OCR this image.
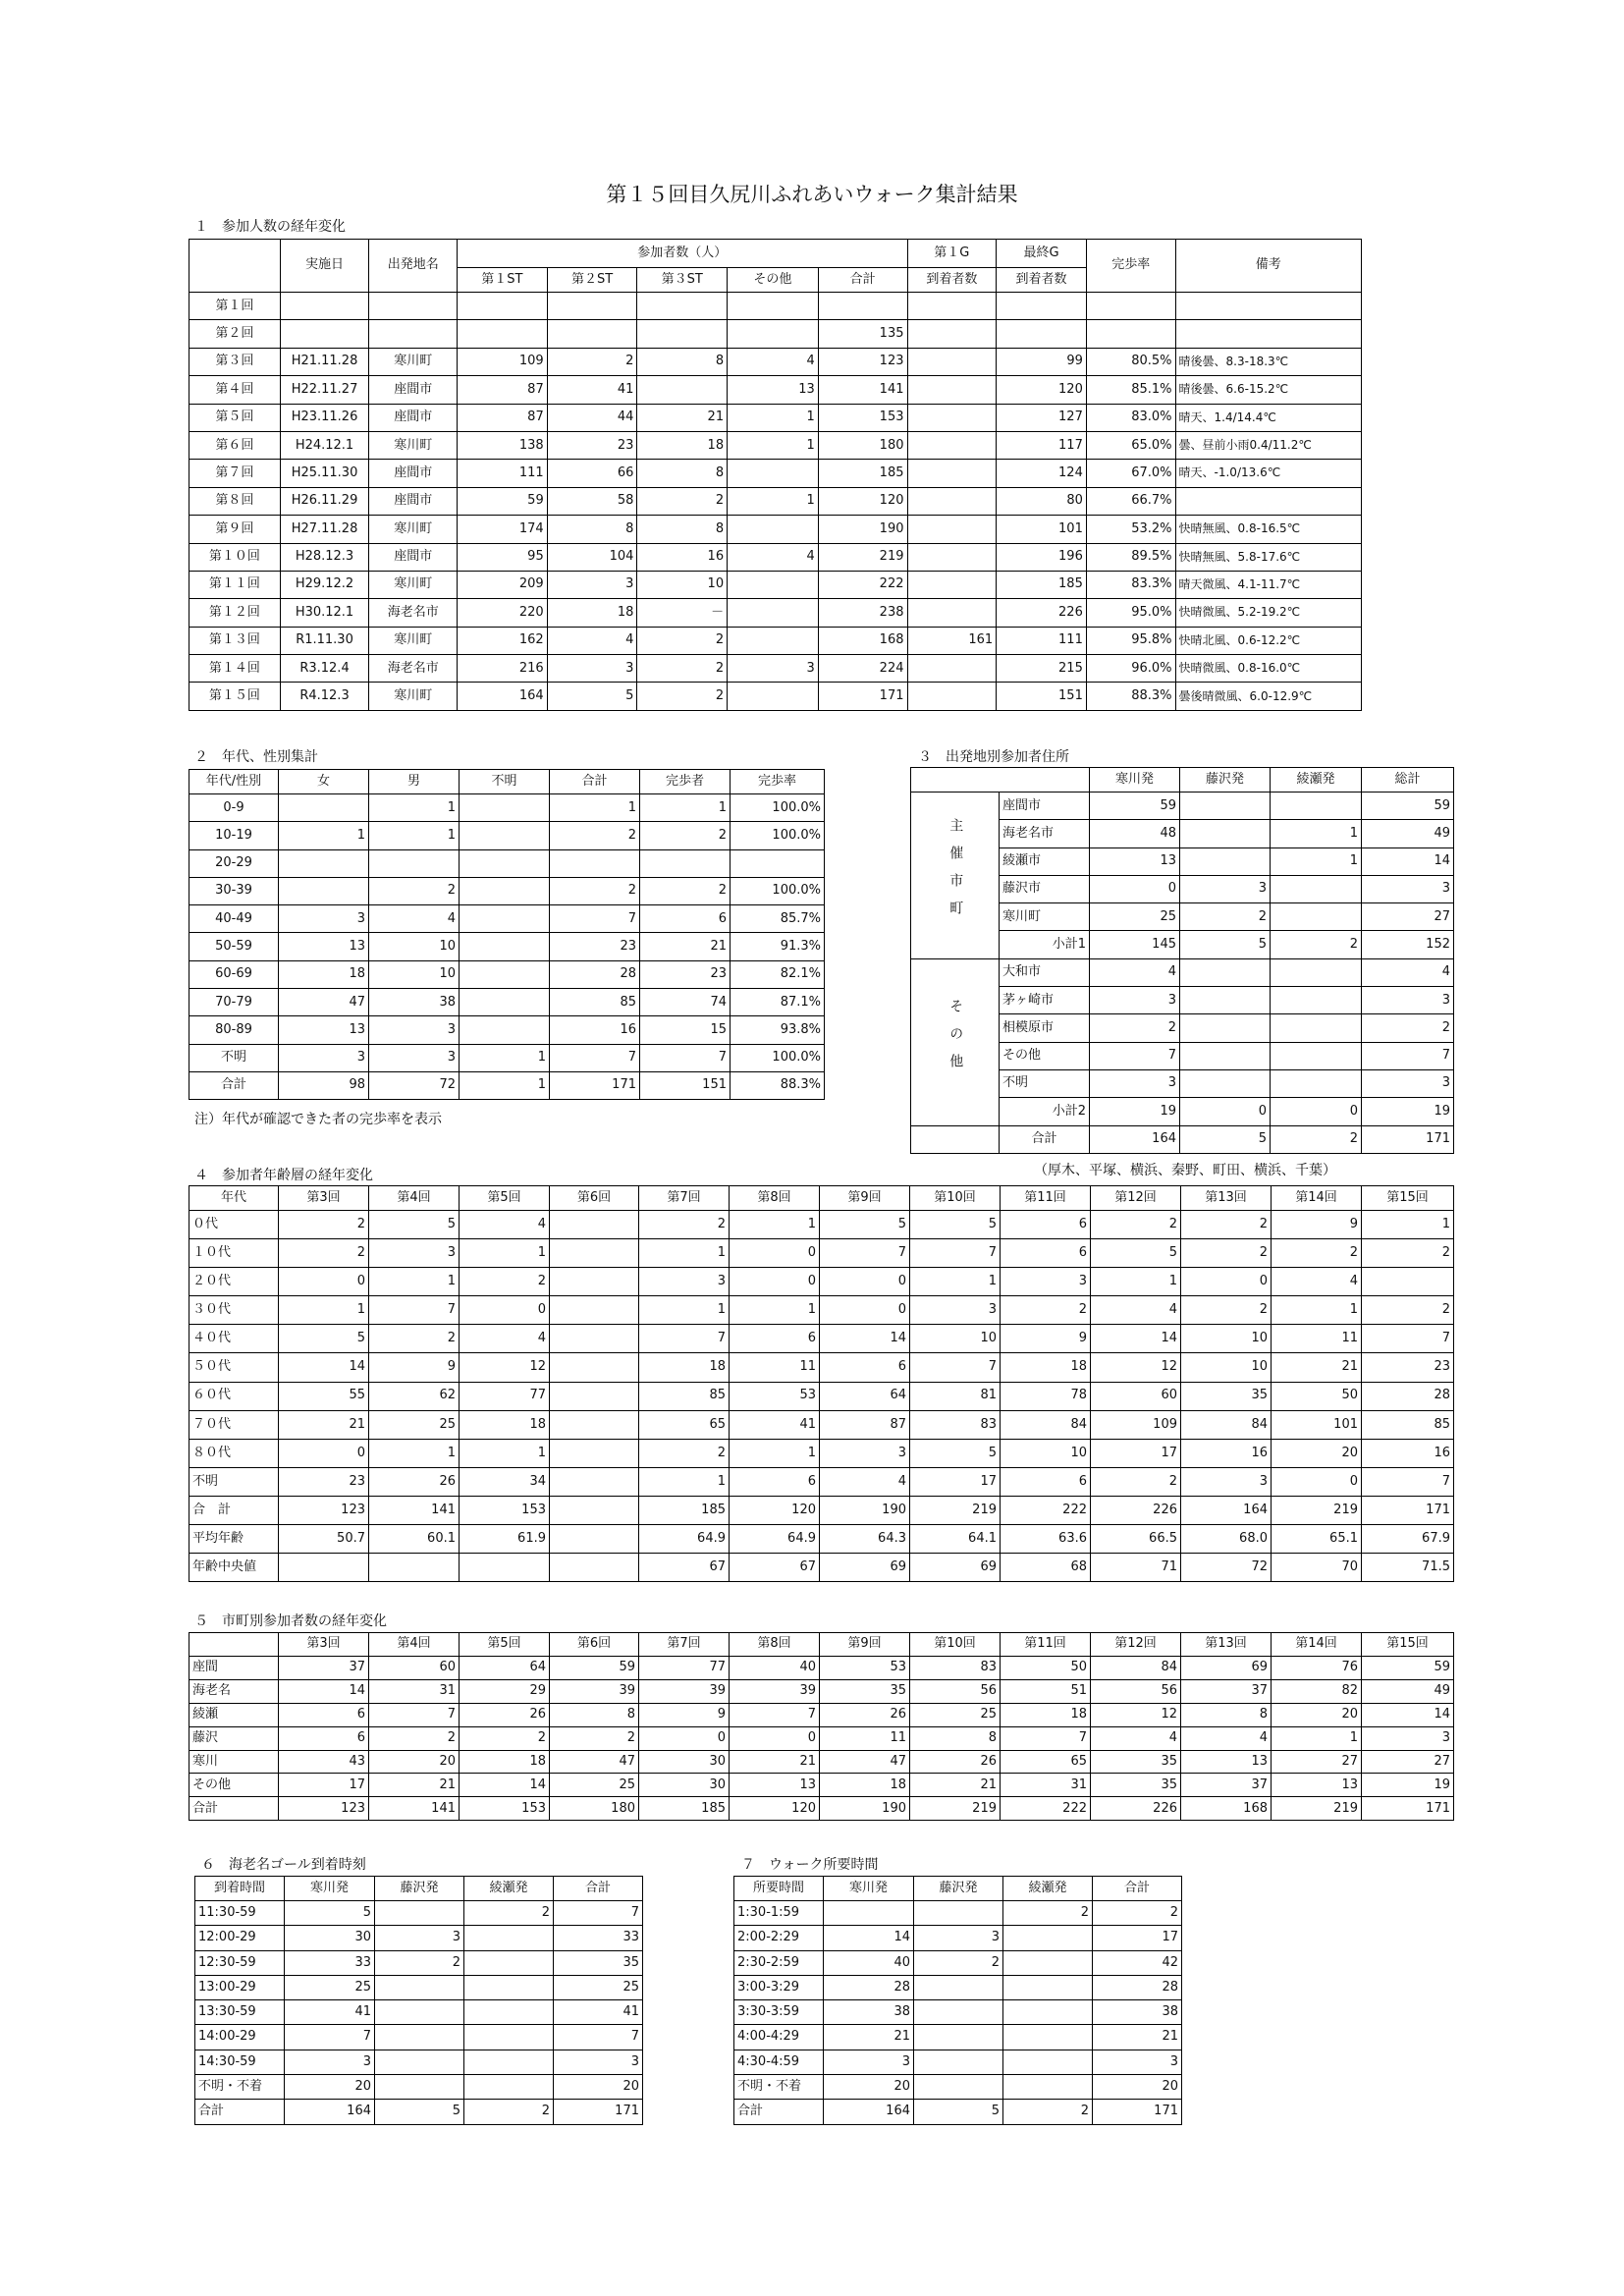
第１５回目久尻川ふれあいウォーク集計結果
１　参加人数の経年変化
	実施日	出発地名	参加者数（人）					第１G	最終G	完歩率	備考
			第１ST	第２ST	第３ST	その他	合計	到着者数	到着者数		
第１回											
第２回							135				
第３回	H21.11.28	寒川町	109	2	8	4	123		99	80.5%	晴後曇、8.3-18.3℃
第４回	H22.11.27	座間市	87	41		13	141		120	85.1%	晴後曇、6.6-15.2℃
第５回	H23.11.26	座間市	87	44	21	1	153		127	83.0%	晴天、1.4/14.4℃
第６回	H24.12.1	寒川町	138	23	18	1	180		117	65.0%	曇、昼前小雨0.4/11.2℃
第７回	H25.11.30	座間市	111	66	8		185		124	67.0%	晴天、-1.0/13.6℃
第８回	H26.11.29	座間市	59	58	2	1	120		80	66.7%	
第９回	H27.11.28	寒川町	174	8	8		190		101	53.2%	快晴無風、0.8-16.5℃
第１０回	H28.12.3	座間市	95	104	16	4	219		196	89.5%	快晴無風、5.8-17.6℃
第１１回	H29.12.2	寒川町	209	3	10		222		185	83.3%	晴天微風、4.1-11.7℃
第１２回	H30.12.1	海老名市	220	18	－		238		226	95.0%	快晴微風、5.2-19.2℃
第１３回	R1.11.30	寒川町	162	4	2		168	161	111	95.8%	快晴北風、0.6-12.2℃
第１４回	R3.12.4	海老名市	216	3	2	3	224		215	96.0%	快晴微風、0.8-16.0℃
第１５回	R4.12.3	寒川町	164	5	2		171		151	88.3%	曇後晴微風、6.0-12.9℃
２　年代、性別集計
年代/性別	女	男	不明	合計	完歩者	完歩率
0-9		1		1	1	100.0%
10-19	1	1		2	2	100.0%
20-29						
30-39		2		2	2	100.0%
40-49	3	4		7	6	85.7%
50-59	13	10		23	21	91.3%
60-69	18	10		28	23	82.1%
70-79	47	38		85	74	87.1%
80-89	13	3		16	15	93.8%
不明	3	3	1	7	7	100.0%
合計	98	72	1	171	151	88.3%
注）年代が確認できた者の完歩率を表示
３　出発地別参加者住所
		寒川発	藤沢発	綾瀬発	総計
主催市町	座間市	59			59
	海老名市	48		1	49
	綾瀬市	13		1	14
	藤沢市	0	3		3
	寒川町	25	2		27
	小計1	145	5	2	152
その他	大和市	4			4
	茅ヶ崎市	3			3
	相模原市	2			2
	その他	7			7
	不明	3			3
	小計2	19	0	0	19
	合計	164	5	2	171
（厚木、平塚、横浜、秦野、町田、横浜、千葉）
４　参加者年齢層の経年変化
年代	第3回	第4回	第5回	第6回	第7回	第8回	第9回	第10回	第11回	第12回	第13回	第14回	第15回
０代	2	5	4		2	1	5	5	6	2	2	9	1
１０代	2	3	1		1	0	7	7	6	5	2	2	2
２０代	0	1	2		3	0	0	1	3	1	0	4	
３０代	1	7	0		1	1	0	3	2	4	2	1	2
４０代	5	2	4		7	6	14	10	9	14	10	11	7
５０代	14	9	12		18	11	6	7	18	12	10	21	23
６０代	55	62	77		85	53	64	81	78	60	35	50	28
７０代	21	25	18		65	41	87	83	84	109	84	101	85
８０代	0	1	1		2	1	3	5	10	17	16	20	16
不明	23	26	34		1	6	4	17	6	2	3	0	7
合　計	123	141	153		185	120	190	219	222	226	164	219	171
平均年齢	50.7	60.1	61.9		64.9	64.9	64.3	64.1	63.6	66.5	68.0	65.1	67.9
年齢中央値					67	67	69	69	68	71	72	70	71.5
５　市町別参加者数の経年変化
	第3回	第4回	第5回	第6回	第7回	第8回	第9回	第10回	第11回	第12回	第13回	第14回	第15回
座間	37	60	64	59	77	40	53	83	50	84	69	76	59
海老名	14	31	29	39	39	39	35	56	51	56	37	82	49
綾瀬	6	7	26	8	9	7	26	25	18	12	8	20	14
藤沢	6	2	2	2	0	0	11	8	7	4	4	1	3
寒川	43	20	18	47	30	21	47	26	65	35	13	27	27
その他	17	21	14	25	30	13	18	21	31	35	37	13	19
合計	123	141	153	180	185	120	190	219	222	226	168	219	171
６　海老名ゴール到着時刻
到着時間	寒川発	藤沢発	綾瀬発	合計
11:30-59	5		2	7
12:00-29	30	3		33
12:30-59	33	2		35
13:00-29	25			25
13:30-59	41			41
14:00-29	7			7
14:30-59	3			3
不明・不着	20			20
合計	164	5	2	171
７　ウォーク所要時間
所要時間	寒川発	藤沢発	綾瀬発	合計
1:30-1:59			2	2
2:00-2:29	14	3		17
2:30-2:59	40	2		42
3:00-3:29	28			28
3:30-3:59	38			38
4:00-4:29	21			21
4:30-4:59	3			3
不明・不着	20			20
合計	164	5	2	171
